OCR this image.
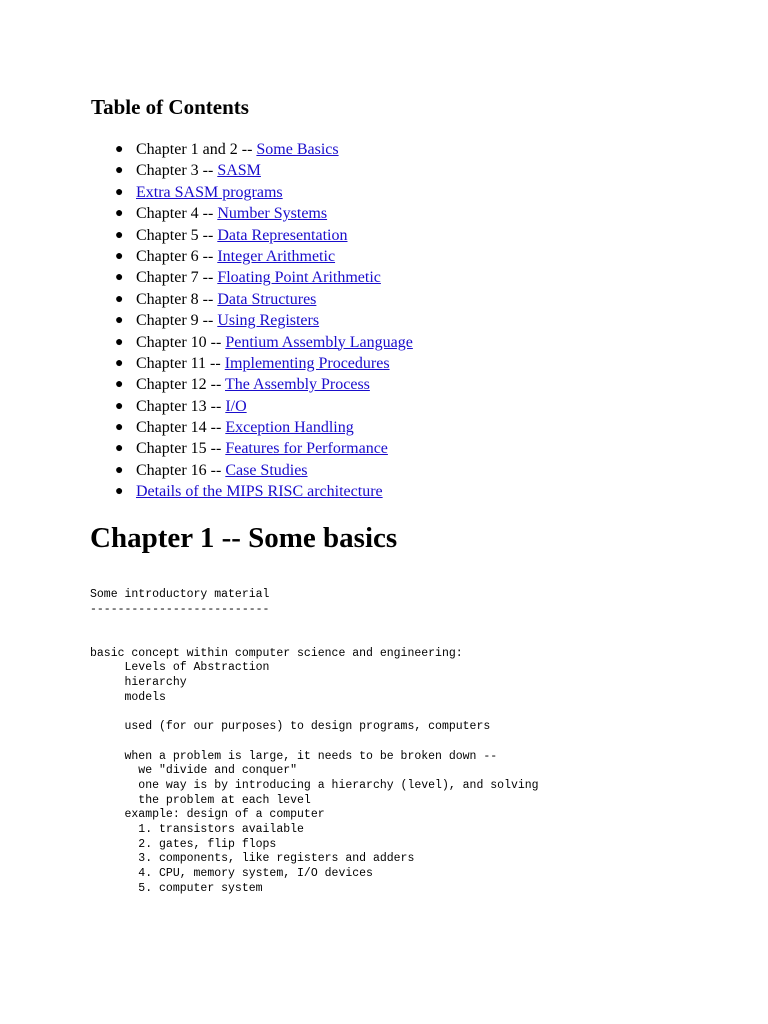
Table of Contents
● Chapter 1 and 2 -- Some Basics
● Chapter 3 -- SASM
● Extra SASM programs
● Chapter 4 -- Number Systems
● Chapter 5 -- Data Representation
● Chapter 6 -- Integer Arithmetic
● Chapter 7 -- Floating Point Arithmetic
● Chapter 8 -- Data Structures
● Chapter 9 -- Using Registers
● Chapter 10 -- Pentium Assembly Language
● Chapter 11 -- Implementing Procedures
● Chapter 12 -- The Assembly Process
● Chapter 13 -- I/O
● Chapter 14 -- Exception Handling
● Chapter 15 -- Features for Performance
● Chapter 16 -- Case Studies
● Details of the MIPS RISC architecture
Chapter 1 -- Some basics
Some introductory material
--------------------------
basic concept within computer science and engineering:
Levels of Abstraction
hierarchy
models
used (for our purposes) to design programs, computers
when a problem is large, it needs to be broken down --
we "divide and conquer"
one way is by introducing a hierarchy (level), and solving
the problem at each level
example: design of a computer
1. transistors available
2. gates, flip flops
3. components, like registers and adders
4. CPU, memory system, I/O devices
5. computer system
